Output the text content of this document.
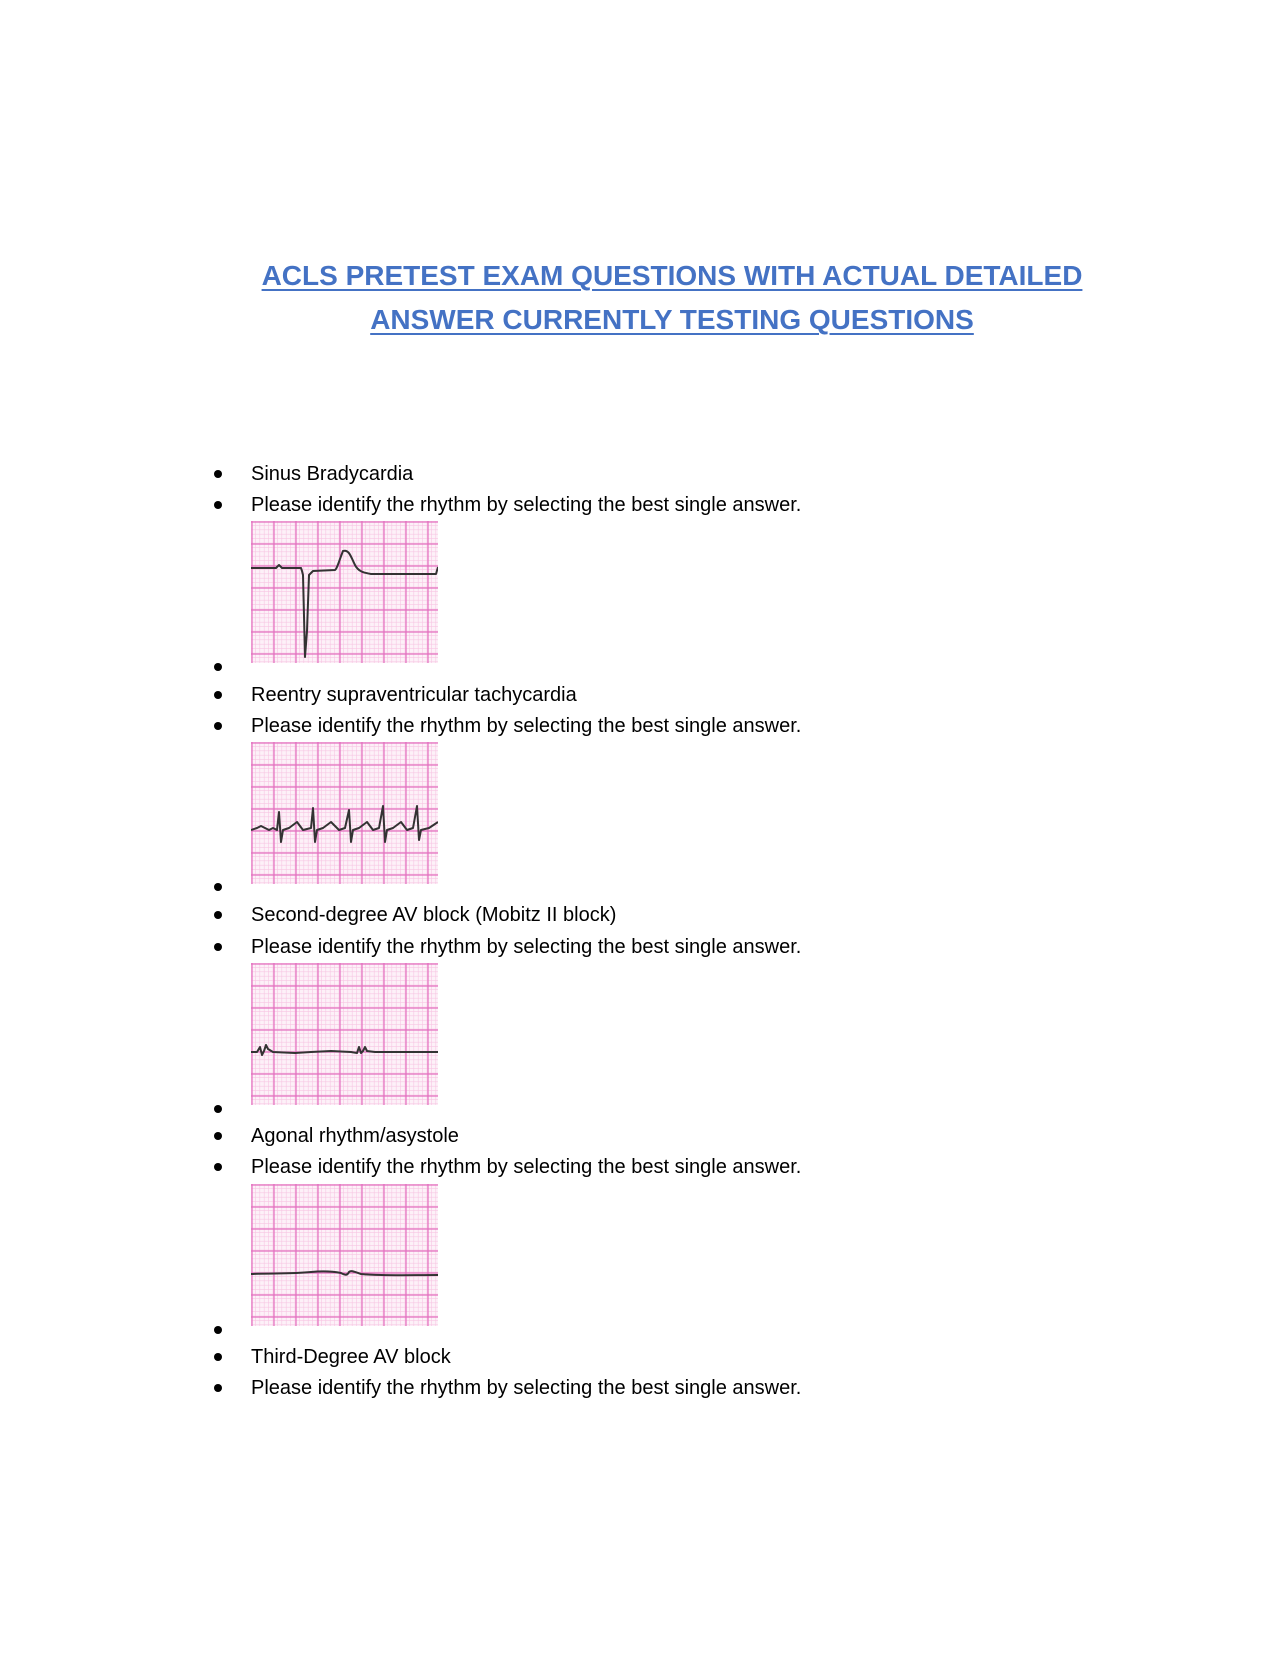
ACLS PRETEST EXAM QUESTIONS WITH ACTUAL DETAILED
ANSWER CURRENTLY TESTING QUESTIONS
Sinus Bradycardia
Please identify the rhythm by selecting the best single answer.
Reentry supraventricular tachycardia
Please identify the rhythm by selecting the best single answer.
Second-degree AV block (Mobitz II block)
Please identify the rhythm by selecting the best single answer.
Agonal rhythm/asystole
Please identify the rhythm by selecting the best single answer.
Third-Degree AV block
Please identify the rhythm by selecting the best single answer.
